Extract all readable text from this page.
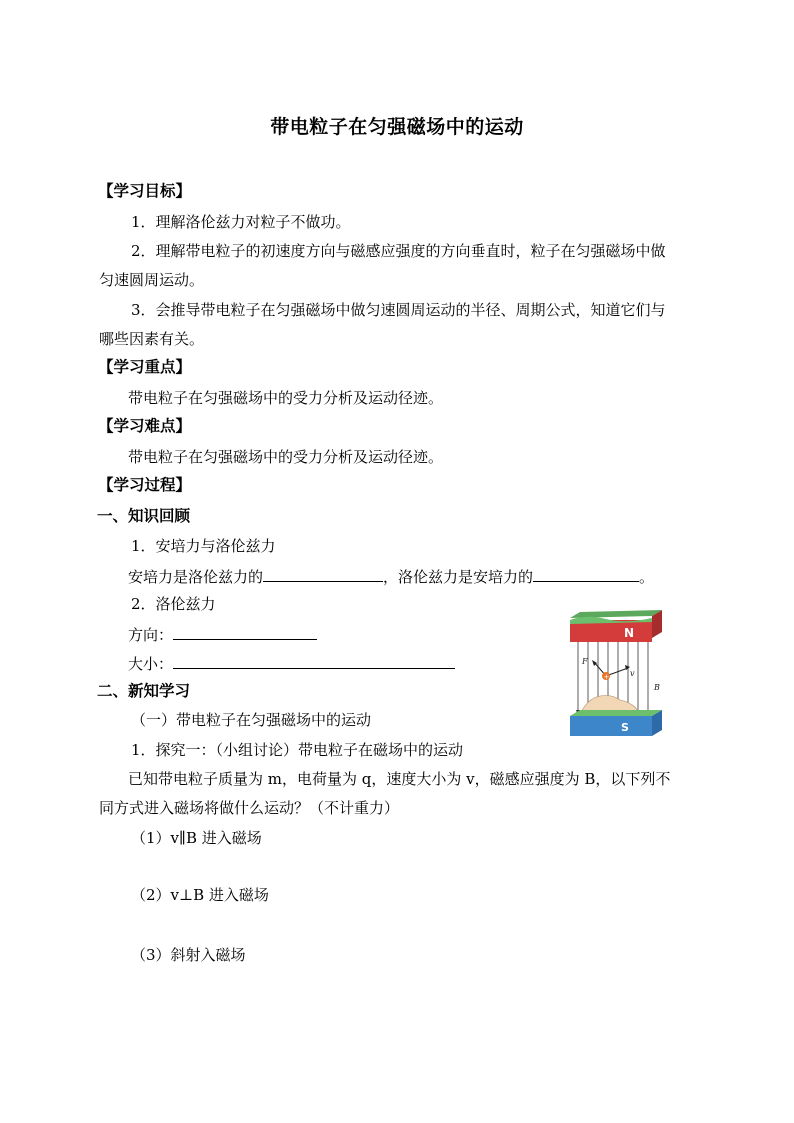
带电粒子在匀强磁场中的运动
【学习目标】
1．理解洛伦兹力对粒子不做功。
2．理解带电粒子的初速度方向与磁感应强度的方向垂直时，粒子在匀强磁场中做
匀速圆周运动。
3．会推导带电粒子在匀强磁场中做匀速圆周运动的半径、周期公式，知道它们与
哪些因素有关。
【学习重点】
带电粒子在匀强磁场中的受力分析及运动径迹。
【学习难点】
带电粒子在匀强磁场中的受力分析及运动径迹。
【学习过程】
一、知识回顾
1．安培力与洛伦兹力
安培力是洛伦兹力的	，洛伦兹力是安培力的	。
2．洛伦兹力
方向：
大小：
二、新知学习
（一）带电粒子在匀强磁场中的运动
1．探究一：（小组讨论）带电粒子在磁场中的运动
已知带电粒子质量为 m，电荷量为 q，速度大小为 v，磁感应强度为 B，以下列不
同方式进入磁场将做什么运动？（不计重力）
（1）v∥B 进入磁场
（2）v⊥B 进入磁场
（3）斜射入磁场
N
+
F
v
B
S
